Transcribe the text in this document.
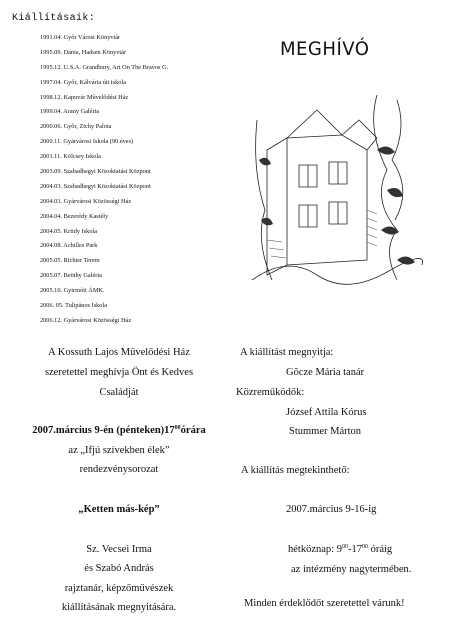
Kiállításaik:
1991.04. Győr Városi Könyvtár
1995.09. Dánia, Hadsen Könyvtár
1995.12. U.S.A. Grandbury, Art On The Bravos G.
1997.04. Győr, Kálvária úti iskola
1998.12. Kapuvár Művelődési Ház
1999.04. Arany Galéria
2000.06. Győr, Zichy Palota
2000.11. Gyárvárosi Iskola (90.éves)
2001.11. Kölcsey Iskola
2003.09. Szabadhegyi Közoktatási Központ
2004.03. Szabadhegyi Közoktatási Központ
2004.03. Gyárvárosi Közösségi Ház
2004.04. Bezerédy Kastély
2004.05. Kriidy Iskola
2004.08. Achilles Park
2005.05. Richter Terem
2005.07. Beöthy Galéria
2005.10. Gyirmóti ÁMK.
2006. 05. Tulipános Iskola
2006.12. Gyárvárosi Közösségi Ház
MEGHÍVÓ
A Kossuth Lajos Művelődési Ház
szeretettel meghívja Önt és Kedves
Családját
2007.március 9-én $(pénteken)17^{00}órára$
az „Ifjú szívekben élek”
rendezvénysorozat
„Ketten más-kép”
Sz. Vecsei Irma
és Szabó András
rajztanár, képzőművészek
kiállításának megnyitására.
A kiállítást megnyitja:
Gõcze Mária tanár
Közreműködők:
József Attila Kórus
Stummer Márton
A kiállítás megtekinthető:
2007.március 9-16-ig
hétköznap: $9^{00}-17^{00}$ óráig
az intézmény nagytermében.
Minden érdeklődőt szeretettel várunk!
